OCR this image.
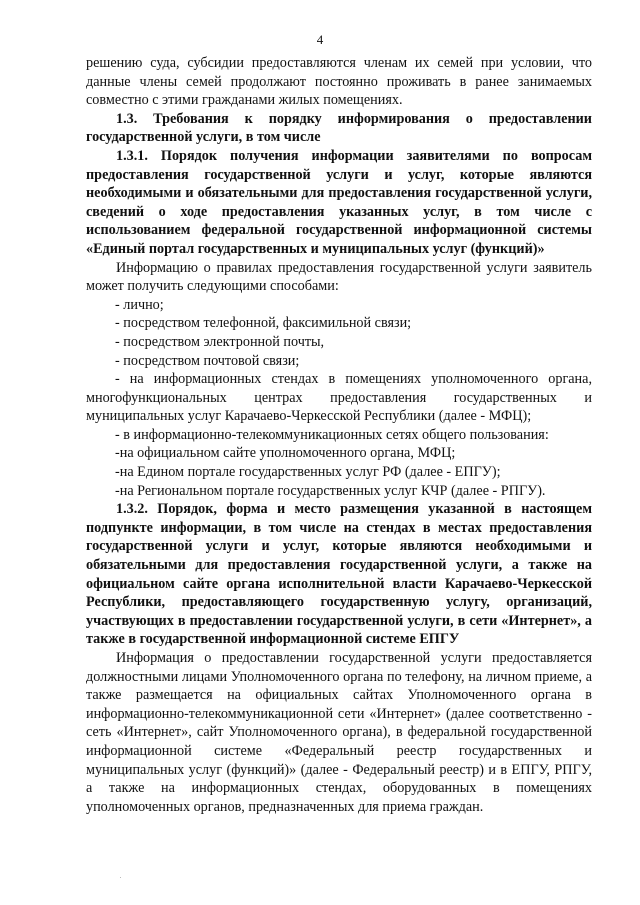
4

решению суда, субсидии предоставляются членам их семей при условии, что данные члены семей продолжают постоянно проживать в ранее занимаемых совместно с этими гражданами жилых помещениях.

1.3. Требования к порядку информирования о предоставлении государственной услуги, в том числе

1.3.1. Порядок получения информации заявителями по вопросам предоставления государственной услуги и услуг, которые являются необходимыми и обязательными для предоставления государственной услуги, сведений о ходе предоставления указанных услуг, в том числе с использованием федеральной государственной информационной системы «Единый портал государственных и муниципальных услуг (функций)»

Информацию о правилах предоставления государственной услуги заявитель может получить следующими способами:

- лично;

- посредством телефонной, факсимильной связи;

- посредством электронной почты,

- посредством почтовой связи;

- на информационных стендах в помещениях уполномоченного органа, многофункциональных центрах предоставления государственных и муниципальных услуг Карачаево-Черкесской Республики (далее - МФЦ);

- в информационно-телекоммуникационных сетях общего пользования:

-на официальном сайте уполномоченного органа, МФЦ;

-на Едином портале государственных услуг РФ (далее - ЕПГУ);

-на Региональном портале государственных услуг КЧР (далее - РПГУ).

1.3.2. Порядок, форма и место размещения указанной в настоящем подпункте информации, в том числе на стендах в местах предоставления государственной услуги и услуг, которые являются необходимыми и обязательными для предоставления государственной услуги, а также на официальном сайте органа исполнительной власти Карачаево-Черкесской Республики, предоставляющего государственную услугу, организаций, участвующих в предоставлении государственной услуги, в сети «Интернет», а также в государственной информационной системе ЕПГУ

Информация о предоставлении государственной услуги предоставляется должностными лицами Уполномоченного органа по телефону, на личном приеме, а также размещается на официальных сайтах Уполномоченного органа в информационно-телекоммуникационной сети «Интернет» (далее соответственно - сеть «Интернет», сайт Уполномоченного органа), в федеральной государственной информационной системе «Федеральный реестр государственных и муниципальных услуг (функций)» (далее - Федеральный реестр) и в ЕПГУ, РПГУ, а также на информационных стендах, оборудованных в помещениях уполномоченных органов, предназначенных для приема граждан.
